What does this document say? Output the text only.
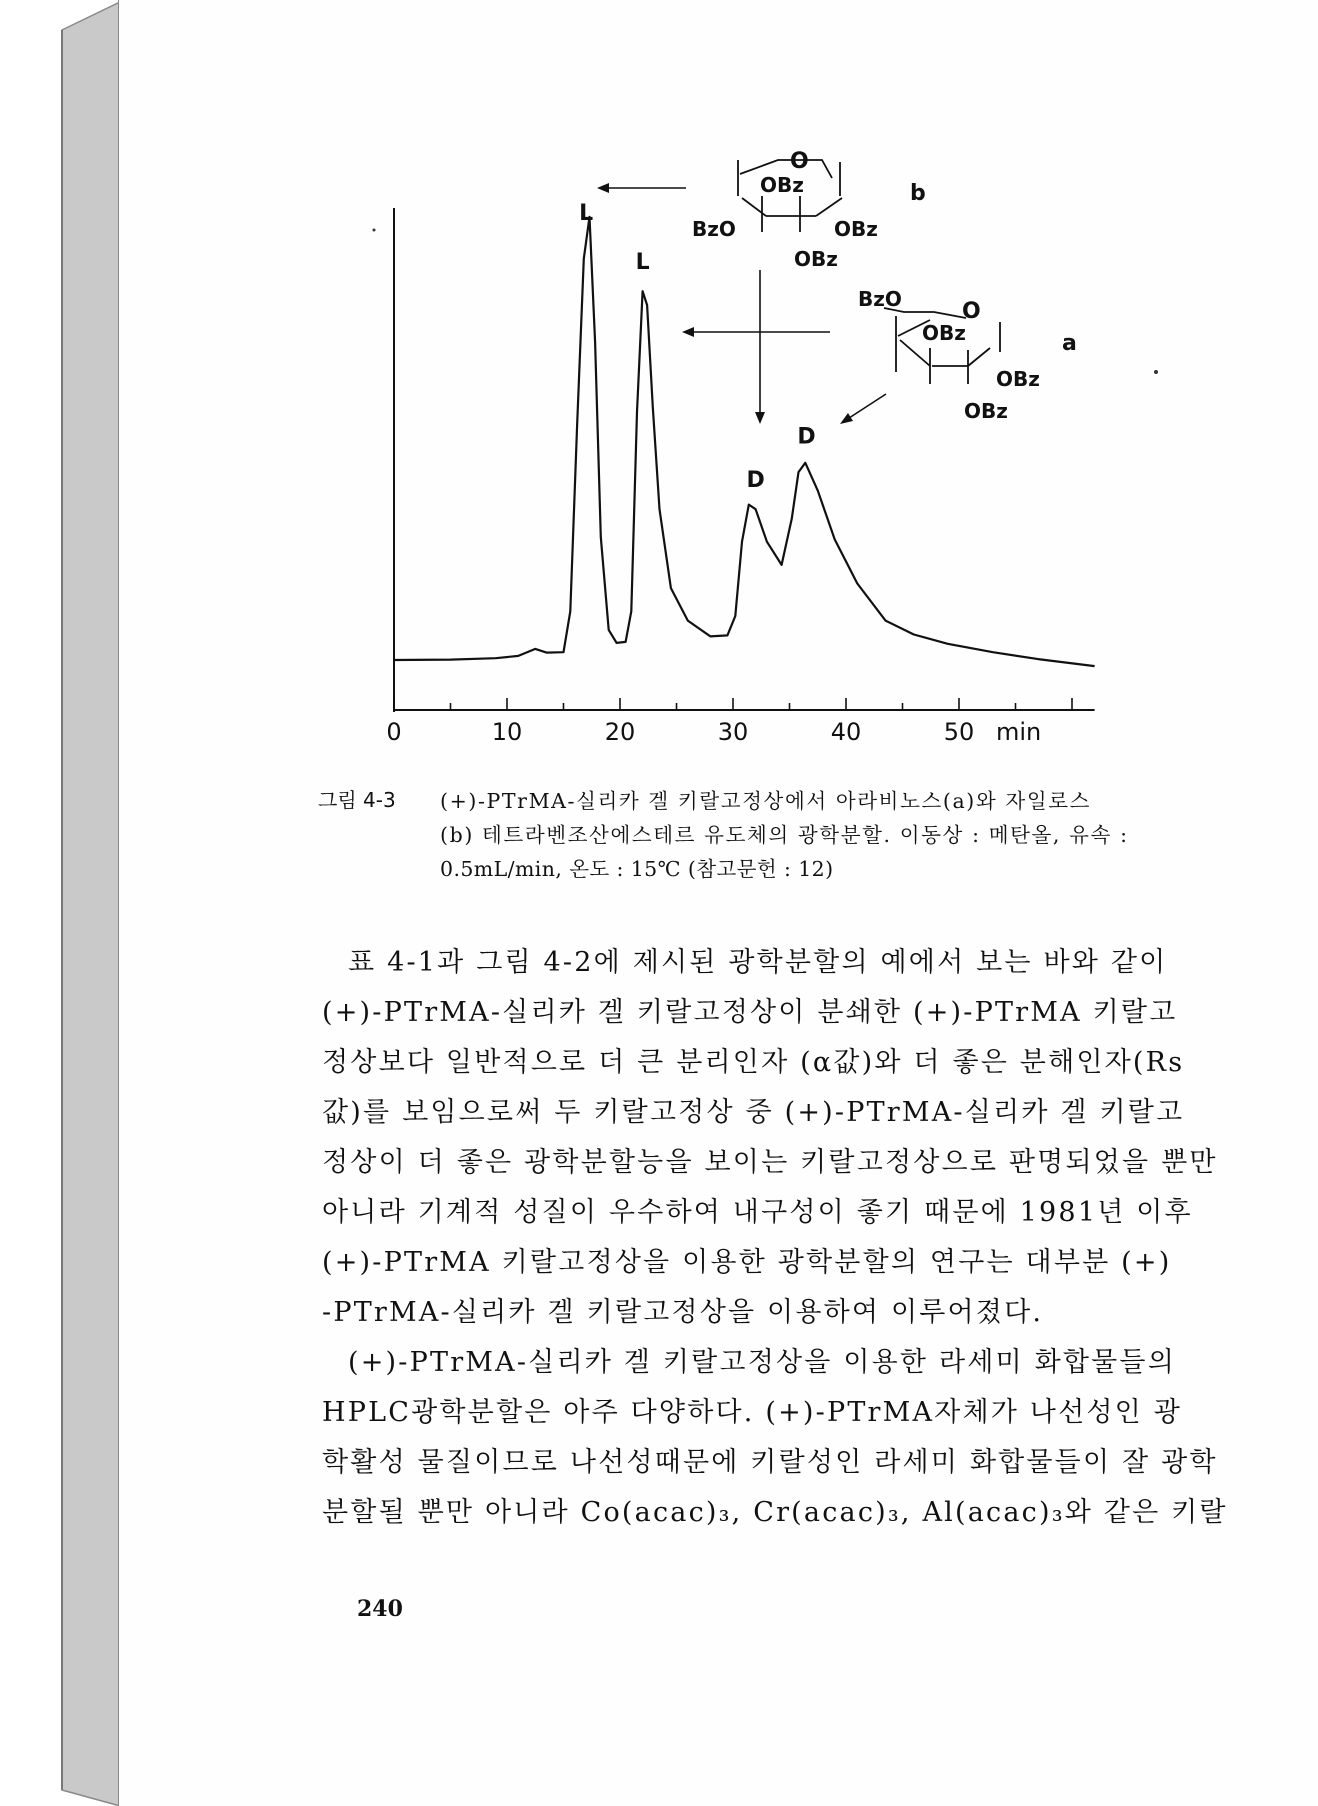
0	10	20	30	40	50
L
L
D
D
min
O
OBz
BzO	OBz
OBz
b
O
BzO
OBz
OBz
OBz
a
그림 4-3 (+)-PTrMA-실리카 겔 키랄고정상에서 아라비노스(a)와 자일로스
(b) 테트라벤조산에스테르 유도체의 광학분할. 이동상 : 메탄올, 유속 :
0.5mL/min, 온도 : 15℃ (참고문헌 : 12)
표 4-1과 그림 4-2에 제시된 광학분할의 예에서 보는 바와 같이
(+)-PTrMA-실리카 겔 키랄고정상이 분쇄한 (+)-PTrMA 키랄고
정상보다 일반적으로 더 큰 분리인자 (α값)와 더 좋은 분해인자(Rs
값)를 보임으로써 두 키랄고정상 중 (+)-PTrMA-실리카 겔 키랄고
정상이 더 좋은 광학분할능을 보이는 키랄고정상으로 판명되었을 뿐만
아니라 기계적 성질이 우수하여 내구성이 좋기 때문에 1981년 이후
(+)-PTrMA 키랄고정상을 이용한 광학분할의 연구는 대부분 (+)
-PTrMA-실리카 겔 키랄고정상을 이용하여 이루어졌다.
(+)-PTrMA-실리카 겔 키랄고정상을 이용한 라세미 화합물들의
HPLC광학분할은 아주 다양하다. (+)-PTrMA자체가 나선성인 광
학활성 물질이므로 나선성때문에 키랄성인 라세미 화합물들이 잘 광학
분할될 뿐만 아니라 Co(acac)₃, Cr(acac)₃, Al(acac)₃와 같은 키랄
240
